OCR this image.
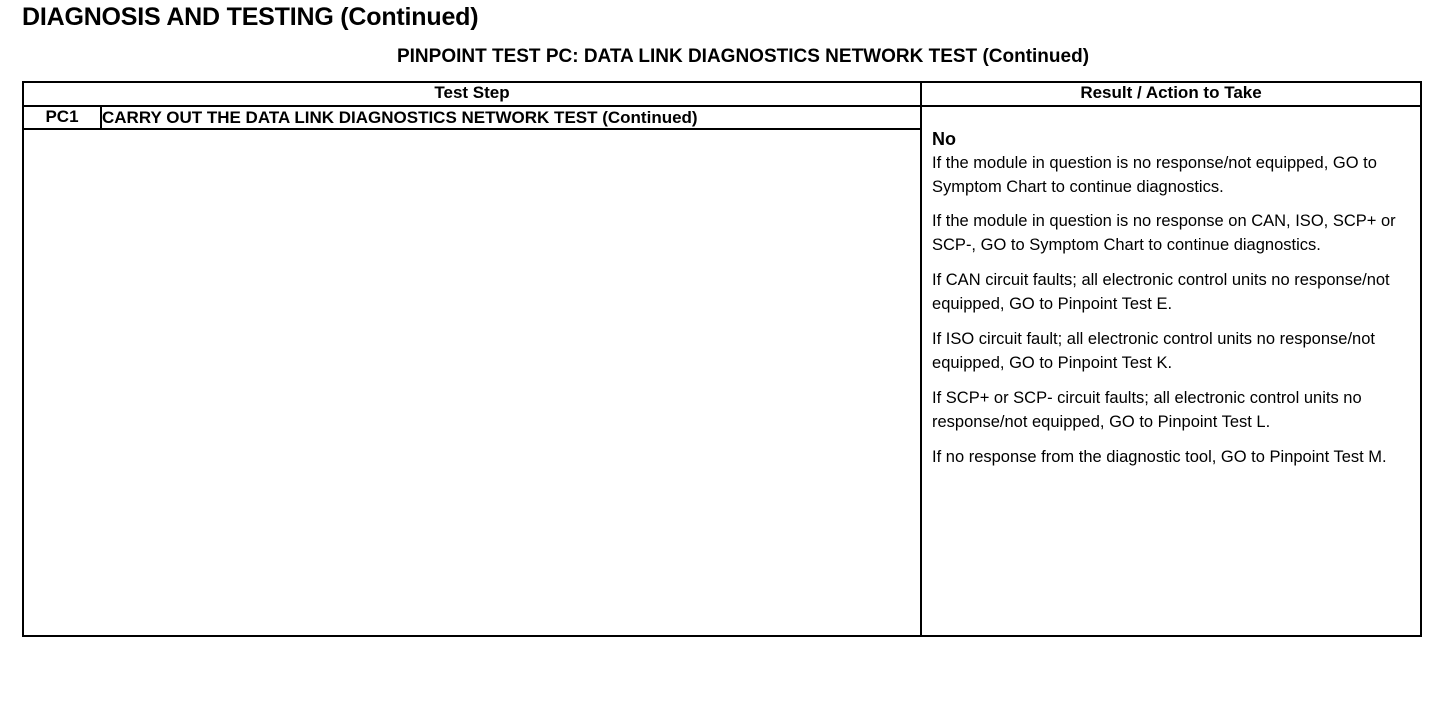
DIAGNOSIS AND TESTING (Continued)
PINPOINT TEST PC: DATA LINK DIAGNOSTICS NETWORK TEST (Continued)
Test Step		Result / Action to Take
PC1	CARRY OUT THE DATA LINK DIAGNOSTICS NETWORK TEST (Continued)	
No

If the module in question is no response/not equipped, GO to Symptom Chart to continue diagnostics.

If the module in question is no response on CAN, ISO, SCP+ or SCP-, GO to Symptom Chart to continue diagnostics.

If CAN circuit faults; all electronic control units no response/not equipped, GO to Pinpoint Test E.

If ISO circuit fault; all electronic control units no response/not equipped, GO to Pinpoint Test K.

If SCP+ or SCP- circuit faults; all electronic control units no response/not equipped, GO to Pinpoint Test L.

If no response from the diagnostic tool, GO to Pinpoint Test M.
